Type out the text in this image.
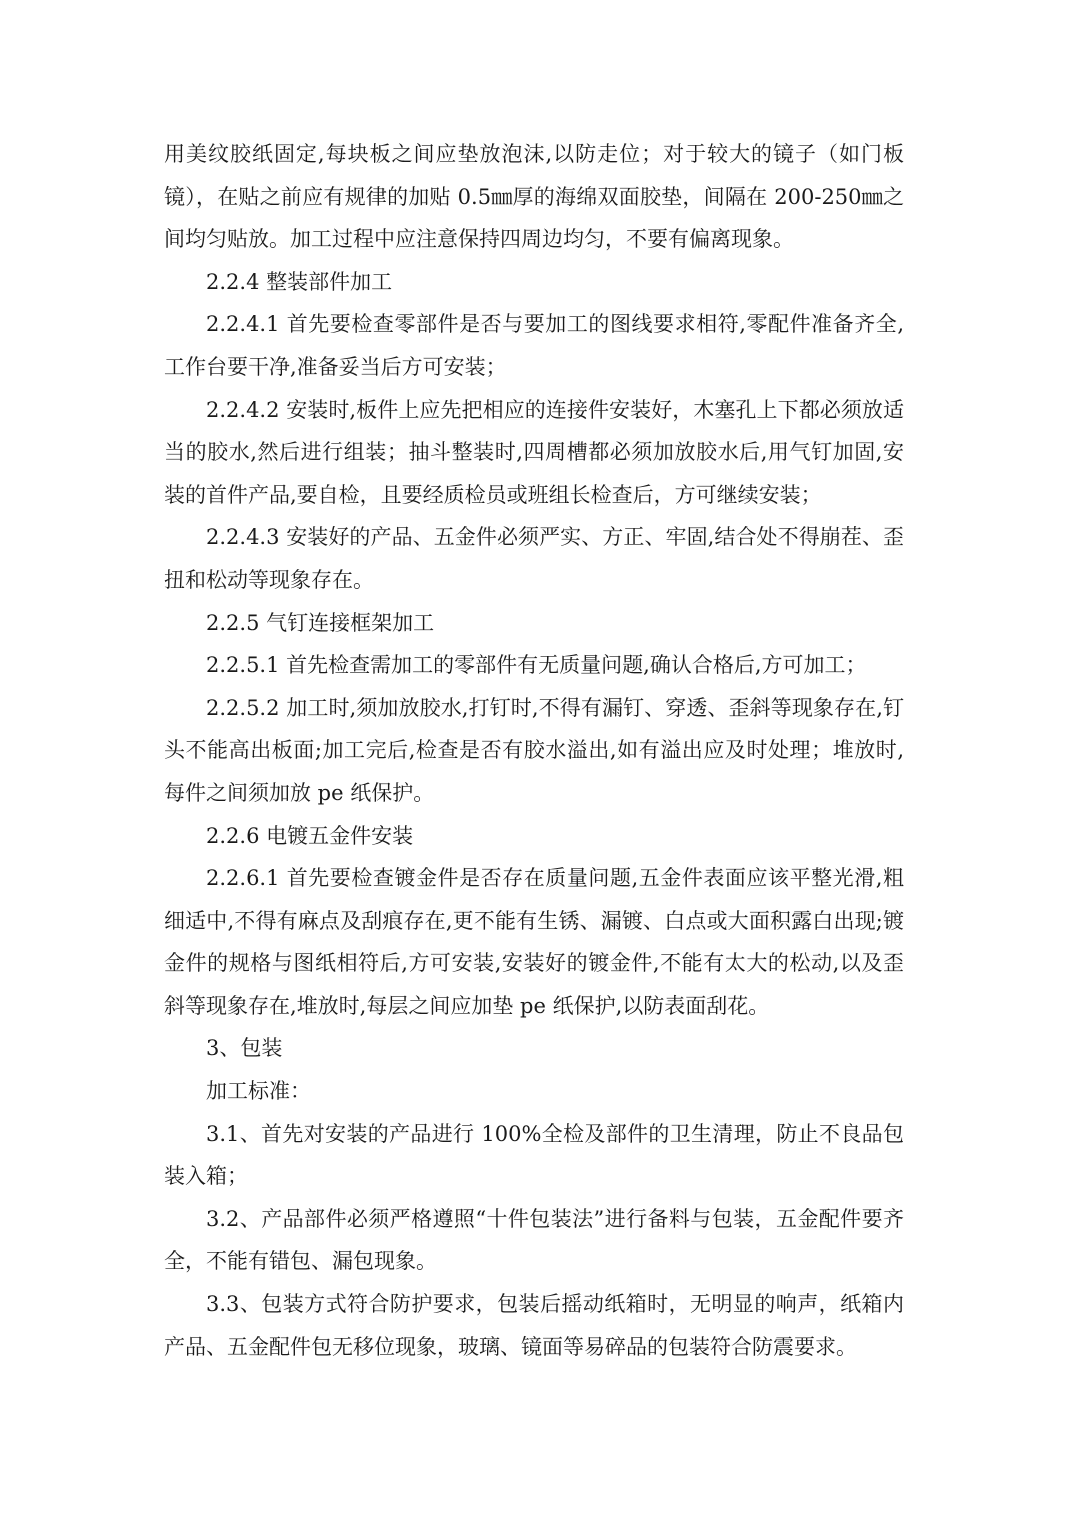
用美纹胶纸固定,每块板之间应垫放泡沫,以防走位；对于较大的镜子（如门板镜），在贴之前应有规律的加贴 0.5㎜厚的海绵双面胶垫，间隔在 200-250㎜之间均匀贴放。加工过程中应注意保持四周边均匀，不要有偏离现象。

2.2.4 整装部件加工

2.2.4.1 首先要检查零部件是否与要加工的图线要求相符,零配件准备齐全,工作台要干净,准备妥当后方可安装；

2.2.4.2 安装时,板件上应先把相应的连接件安装好，木塞孔上下都必须放适当的胶水,然后进行组装；抽斗整装时,四周槽都必须加放胶水后,用气钉加固,安装的首件产品,要自检，且要经质检员或班组长检查后，方可继续安装；

2.2.4.3 安装好的产品、五金件必须严实、方正、牢固,结合处不得崩茬、歪扭和松动等现象存在。

2.2.5 气钉连接框架加工

2.2.5.1 首先检查需加工的零部件有无质量问题,确认合格后,方可加工；

2.2.5.2 加工时,须加放胶水,打钉时,不得有漏钉、穿透、歪斜等现象存在,钉头不能高出板面;加工完后,检查是否有胶水溢出,如有溢出应及时处理；堆放时,每件之间须加放 pe 纸保护。

2.2.6 电镀五金件安装

2.2.6.1 首先要检查镀金件是否存在质量问题,五金件表面应该平整光滑,粗细适中,不得有麻点及刮痕存在,更不能有生锈、漏镀、白点或大面积露白出现;镀金件的规格与图纸相符后,方可安装,安装好的镀金件,不能有太大的松动,以及歪斜等现象存在,堆放时,每层之间应加垫 pe 纸保护,以防表面刮花。

3、包装

加工标准：

3.1、首先对安装的产品进行 100%全检及部件的卫生清理，防止不良品包装入箱；

3.2、产品部件必须严格遵照“十件包装法”进行备料与包装，五金配件要齐全，不能有错包、漏包现象。

3.3、包装方式符合防护要求，包装后摇动纸箱时，无明显的响声，纸箱内产品、五金配件包无移位现象，玻璃、镜面等易碎品的包装符合防震要求。
